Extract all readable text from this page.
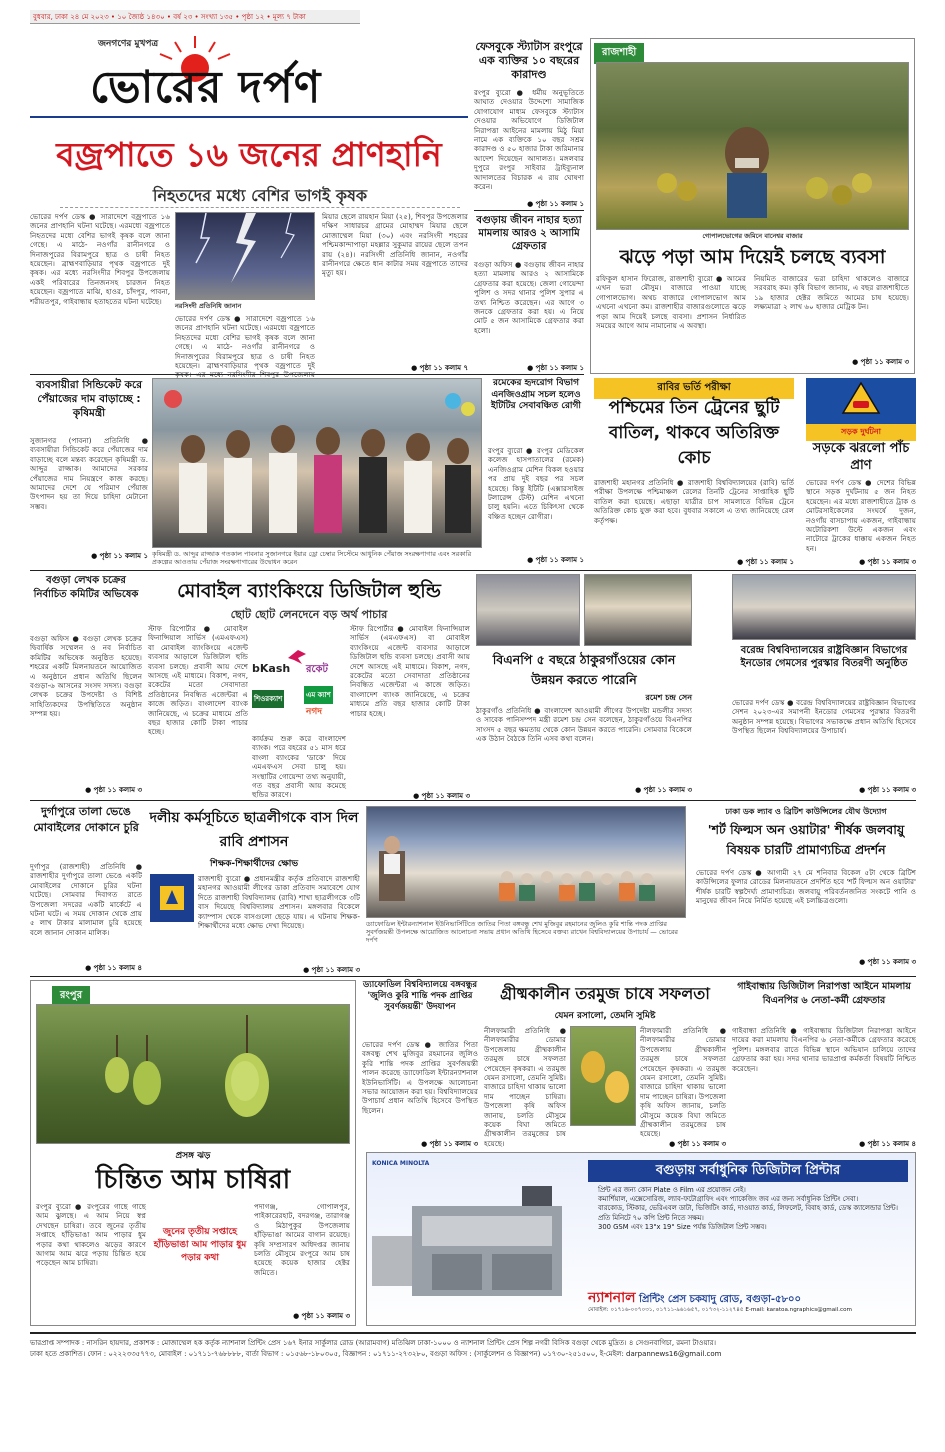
বুধবার, ঢাকা ২৪ মে ২০২৩ • ১০ জ্যৈষ্ঠ ১৪৩০ • বর্ষ ২৩ • সংখ্যা ১৩৫ • পৃষ্ঠা ১২ • মূল্য ৭ টাকা
জনগণের মুখপত্র
ভোরের দর্পণ
বজ্রপাতে ১৬ জনের প্রাণহানি
নিহতদের মধ্যে বেশির ভাগই কৃষক
ভোরের দর্পণ ডেস্ক ● সারাদেশে বজ্রপাতে ১৬ জনের প্রাণহানি ঘটনা ঘটেছে। এরমধ্যে বজ্রপাতে নিহতদের মধ্যে বেশির ভাগই কৃষক বলে জানা গেছে। এ মাঠে- নওগাঁর রানীনগরে ও দিনাজপুরের বিরামপুরে ছাত্র ও চাষী নিহত হয়েছেন। ব্রাহ্মণবাড়িয়ার পৃথক বজ্রপাতে দুই কৃষক। এর মধ্যে নরসিংদীর শিবপুর উপজেলায় একই পরিবারের তিনজনসহ চারজন নিহত হয়েছেন। বজ্রপাতে মাঝি, হাওর, চাঁদপুর, পাবনা, শরীয়তপুর, গাইবান্ধায় হতাহতের ঘটনা ঘটেছে।
নরসিংদী প্রতিনিধি জানান
মিয়ার ছেলে রায়হান মিয়া (২৫), শিবপুর উপজেলার দক্ষিণ সাধারচর গ্রামের মোহাম্মদ মিয়ার ছেলে মোজাম্মেল মিয়া (৩০) এবং নরসিংদী শহরের পশ্চিমকান্দাপাড়া মহল্লার সুকুমার রায়ের ছেলে তপন রায় (২৪)। নরসিংদী প্রতিনিধি জানান, নওগাঁর রানীনগরে ক্ষেতে ধান কাটার সময় বজ্রপাতে তাদের মৃত্যু হয়।
ভোরের দর্পণ ডেস্ক ● সারাদেশে বজ্রপাতে ১৬ জনের প্রাণহানি ঘটনা ঘটেছে। এরমধ্যে বজ্রপাতে নিহতদের মধ্যে বেশির ভাগই কৃষক বলে জানা গেছে। এ মাঠে- নওগাঁর রানীনগরে ও দিনাজপুরের বিরামপুরে ছাত্র ও চাষী নিহত হয়েছেন। ব্রাহ্মণবাড়িয়ার পৃথক বজ্রপাতে দুই	● পৃষ্ঠা ১১ কলাম ৭
ফেসবুকে স্ট্যাটাস রংপুরে এক ব্যক্তির ১০ বছরের কারাদণ্ড
রংপুর ব্যুরো ● ধর্মীয় অনুভূতিতে আঘাত দেওয়ার উদ্দেশ্যে সামাজিক যোগাযোগ মাধ্যম ফেসবুকে স্ট্যাটাস দেওয়ার অভিযোগে ডিজিটাল নিরাপত্তা আইনের মামলায় মিঠু মিয়া নামে এক ব্যক্তিকে ১০ বছর সশ্রম কারাদণ্ড ও ৫০ হাজার টাকা জরিমানার আদেশ দিয়েছেন আদালত। মঙ্গলবার দুপুরে রংপুর সাইবার ট্রাইব্যুনাল আদালতের বিচারক এ রায় ঘোষণা করেন।
● পৃষ্ঠা ১১ কলাম ১
বগুড়ায় জীবন নাহার হত্যা মামলায় আরও ২ আসামি গ্রেফতার
বগুড়া অফিস ● বগুড়ায় জীবন নাহার হত্যা মামলায় আরও ২ আসামিকে গ্রেফতার করা হয়েছে। জেলা গোয়েন্দা পুলিশ ও সদর থানার পুলিশ সুপার এ তথ্য নিশ্চিত করেছেন। এর আগে ৩ জনকে গ্রেফতার করা হয়। এ নিয়ে মোট ৫ জন আসামিকে গ্রেফতার করা হলো।
● পৃষ্ঠা ১১ কলাম ১
রাজশাহী
গোপালভোগের জমিনে বানেশ্বর বাজার
ঝড়ে পড়া আম দিয়েই চলছে ব্যবসা
রফিকুল হাসান ফিরোজ, রাজশাহী ব্যুরো ● আমের এখন ভরা মৌসুম। বাজারে পাওয়া যাচ্ছে গোপালভোগ। অথচ বাজারে গোপালভোগ আম এখনো এখনো কম। রাজশাহীর বাজারগুলোতে ঝড়ে পড়া আম দিয়েই চলছে ব্যবসা। প্রশাসন নির্ধারিত সময়ের আগে আম নামানোয় এ অবস্থা।
নিয়মিত বাজারের ভরা চাহিদা থাকলেও বাজারে সরবরাহ কম। কৃষি বিভাগ জানায়, এ বছর রাজশাহীতে ১৯ হাজার হেক্টর জমিতে আমের চাষ হয়েছে। লক্ষ্যমাত্রা ২ লাখ ৬০ হাজার মেট্রিক টন।
● পৃষ্ঠা ১১ কলাম ৩
ব্যবসায়ীরা সিন্ডিকেট করে পেঁয়াজের দাম বাড়াচ্ছে : কৃষিমন্ত্রী
সুজানগর (পাবনা) প্রতিনিধি ● ব্যবসায়ীরা সিন্ডিকেট করে পেঁয়াজের দাম বাড়াচ্ছে বলে মন্তব্য করেছেন কৃষিমন্ত্রী ড. আব্দুর রাজ্জাক। আমাদের সরকার পেঁয়াজের দাম নিয়ন্ত্রণে কাজ করছে। আমাদের দেশে যে পরিমাণ পেঁয়াজ উৎপাদন হয় তা দিয়ে চাহিদা মেটানো সম্ভব।
● পৃষ্ঠা ১১ কলাম ১ কৃষিমন্ত্রী ড. আব্দুর রাজ্জাক গতকাল পাবনার সুজানগরে ইয়ার ড্রো চেম্বার সিস্টেমে আধুনিক পেঁয়াজ সংরক্ষণাগার এবং সরকারি প্রকল্পের আওতায় পেঁয়াজ সংরক্ষণাগারের উদ্বোধন করেন
রমেকের হৃদরোগ বিভাগ এনজিওগ্রাম সচল হলেও ইটিটির সেবাবঞ্চিত রোগী
রংপুর ব্যুরো ● রংপুর মেডিকেল কলেজ হাসপাতালের (রমেক) এনজিওগ্রাম মেশিন বিকল হওয়ার পর প্রায় দুই বছর পর সচল হয়েছে। কিন্তু ইটিটি (এক্সারসাইজ টলারেন্স টেস্ট) মেশিন এখনো চালু হয়নি। এতে চিকিৎসা থেকে বঞ্চিত হচ্ছেন রোগীরা।
● পৃষ্ঠা ১১ কলাম ১
রাবির ভর্তি পরীক্ষা
পশ্চিমের তিন ট্রেনের ছুটি বাতিল, থাকবে অতিরিক্ত কোচ
রাজশাহী মহানগর প্রতিনিধি ● রাজশাহী বিশ্ববিদ্যালয়ের (রাবি) ভর্তি পরীক্ষা উপলক্ষে পশ্চিমাঞ্চল রেলের তিনটি ট্রেনের সাপ্তাহিক ছুটি বাতিল করা হয়েছে। এছাড়া যাত্রীর চাপ সামলাতে বিভিন্ন ট্রেনে অতিরিক্ত কোচ যুক্ত করা হবে। বুধবার সকালে এ তথ্য জানিয়েছে রেল কর্তৃপক্ষ।
● পৃষ্ঠা ১১ কলাম ১
সড়ক দুর্ঘটনা
সড়কে ঝরলো পাঁচ প্রাণ
ভোরের দর্পণ ডেস্ক ● দেশের বিভিন্ন স্থানে সড়ক দুর্ঘটনায় ৫ জন নিহত হয়েছেন। এর মধ্যে রাজশাহীতে ট্রাক ও মোটরসাইকেলের সংঘর্ষে দুজন, নওগাঁয় বাসচাপায় একজন, গাইবান্ধায় অটোরিকশা উল্টে একজন এবং নাটোরে ট্রাকের ধাক্কায় একজন নিহত হন।
● পৃষ্ঠা ১১ কলাম ৩
বগুড়া লেখক চক্রের নির্বাচিত কমিটির অভিষেক
বগুড়া অফিস ● বগুড়া লেখক চক্রের দ্বিবার্ষিক সম্মেলন ও নব নির্বাচিত কমিটির অভিষেক অনুষ্ঠিত হয়েছে। শহরের একটি মিলনায়তনে আয়োজিত এ অনুষ্ঠানে প্রধান অতিথি ছিলেন বগুড়া-৬ আসনের সংসদ সদস্য। বগুড়া লেখক চক্রের উপদেষ্টা ও বিশিষ্ট সাহিত্যিকদের উপস্থিতিতে অনুষ্ঠান সম্পন্ন হয়।
● পৃষ্ঠা ১১ কলাম ৩
মোবাইল ব্যাংকিংয়ে ডিজিটাল হুন্ডি
ছোট ছোট লেনদেনে বড় অর্থ পাচার
স্টাফ রিপোর্টার ● মোবাইল ফিনান্সিয়াল সার্ভিস (এমএফএস) বা মোবাইল ব্যাংকিংয়ে এজেন্ট ব্যবসার আড়ালে ডিজিটাল হুন্ডি ব্যবসা চলছে। প্রবাসী আয় দেশে আসছে এই মাধ্যমে। বিকাশ, নগদ, রকেটের মতো সেবাদাতা প্রতিষ্ঠানের নিবন্ধিত এজেন্টরা এ কাজে জড়িত। বাংলাদেশ ব্যাংক জানিয়েছে, এ চক্রের মাধ্যমে প্রতি বছর হাজার কোটি টাকা পাচার হচ্ছে।
bKash রকেট
নগদ
শিওরক্যাশ	এম ক্যাশ
কার্যক্রম শুরু করে বাংলাদেশ ব্যাংক। পরে বহরের ৫১ মাস ধরে বাংলা ব্যাংকের 'ডাকে' দিয়ে এমএফএস সেবা চালু হয়। সংস্থাটির গোয়েন্দা তথ্য অনুযায়ী, গত বছর প্রবাসী আয় কমেছে হুন্ডির কারণে।
স্টাফ রিপোর্টার ● মোবাইল ফিনান্সিয়াল সার্ভিস (এমএফএস) বা মোবাইল ব্যাংকিংয়ে এজেন্ট ব্যবসার আড়ালে ডিজিটাল হুন্ডি ব্যবসা চলছে। প্রবাসী আয় দেশে আসছে এই মাধ্যমে। বিকাশ, নগদ, রকেটের মতো সেবাদাতা প্রতিষ্ঠানের নিবন্ধিত এজেন্টরা এ কাজে জড়িত। বাংলাদেশ ব্যাংক জানিয়েছে, এ চক্রের মাধ্যমে প্রতি বছর হাজার কোটি টাকা পাচার হচ্ছে।
● পৃষ্ঠা ১১ কলাম ৩
বিএনপি ৫ বছরে ঠাকুরগাঁওয়ের কোন উন্নয়ন করতে পারেনি
রমেশ চন্দ্র সেন
ঠাকুরগাঁও প্রতিনিধি ● বাংলাদেশ আওয়ামী লীগের উপদেষ্টা মন্ডলীর সদস্য ও সাবেক পানিসম্পদ মন্ত্রী রমেশ চন্দ্র সেন বলেছেন, ঠাকুরগাঁওয়ে বিএনপির সাংসদ ৫ বছর ক্ষমতায় থেকে কোন উন্নয়ন করতে পারেনি। সোমবার বিকেলে এক উঠান বৈঠকে তিনি এসব কথা বলেন।
● পৃষ্ঠা ১১ কলাম ৩
বরেন্দ্র বিশ্ববিদ্যালয়ের রাষ্ট্রবিজ্ঞান বিভাগের ইনডোর গেমসের পুরস্কার বিতরণী অনুষ্ঠিত
ভোরের দর্পণ ডেস্ক ● বরেন্দ্র বিশ্ববিদ্যালয়ের রাষ্ট্রবিজ্ঞান বিভাগের সেশন ২০২৩-এর সমাপনী ইনডোর গেমসের পুরস্কার বিতরণী অনুষ্ঠান সম্পন্ন হয়েছে। বিভাগের সভাকক্ষে প্রধান অতিথি হিসেবে উপস্থিত ছিলেন বিশ্ববিদ্যালয়ের উপাচার্য।
● পৃষ্ঠা ১১ কলাম ৩
দুর্গাপুরে তালা ভেঙে মোবাইলের দোকানে চুরি
দুর্গাপুর (রাজশাহী) প্রতিনিধি ● রাজশাহীর দুর্গাপুরে তালা ভেঙে একটি মোবাইলের দোকানে চুরির ঘটনা ঘটেছে। সোমবার দিবাগত রাতে উপজেলা সদরের একটি মার্কেটে এ ঘটনা ঘটে। এ সময় দোকান থেকে প্রায় ৫ লাখ টাকার মালামাল চুরি হয়েছে বলে জানান দোকান মালিক।
● পৃষ্ঠা ১১ কলাম ৪
দলীয় কর্মসূচিতে ছাত্রলীগকে বাস দিল রাবি প্রশাসন
শিক্ষক-শিক্ষার্থীদের ক্ষোভ
রাজশাহী ব্যুরো ● প্রধানমন্ত্রীর কর্তৃক প্রতিবাদে রাজশাহী মহানগর আওয়ামী লীগের ডাকা প্রতিবাদ সমাবেশে যোগ দিতে রাজশাহী বিশ্ববিদ্যালয় (রাবি) শাখা ছাত্রলীগকে ৩টি বাস দিয়েছে বিশ্ববিদ্যালয় প্রশাসন। মঙ্গলবার বিকেলে ক্যাম্পাস থেকে বাসগুলো ছেড়ে যায়। এ ঘটনায় শিক্ষক-শিক্ষার্থীদের মধ্যে ক্ষোভ দেখা দিয়েছে।
● পৃষ্ঠা ১১ কলাম ৩
ড্যাফোডিল ইন্টারন্যাশনাল ইউনিভার্সিটিতে জাতির পিতা বঙ্গবন্ধু শেখ মুজিবুর রহমানের জুলিও কুরি শান্তি পদক প্রাপ্তির সুবর্ণজয়ন্তী উপলক্ষে আয়োজিত আলোচনা সভায় প্রধান অতিথি হিসেবে বক্তব্য রাখেন বিশ্ববিদ্যালয়ের উপাচার্য — ভোরের দর্পণ
ঢাকা ডক ল্যাব ও ব্রিটিশ কাউন্সিলের যৌথ উদ্যোগ
'শর্ট ফিল্মস অন ওয়াটার' শীর্ষক জলবায়ু বিষয়ক চারটি প্রামাণ্যচিত্র প্রদর্শন
ভোরের দর্পণ ডেস্ক ● আগামী ২৭ মে শনিবার বিকেল ৫টা থেকে ব্রিটিশ কাউন্সিলের ফুলার রোডের মিলনায়তনে প্রদর্শিত হবে 'শর্ট ফিল্মস অন ওয়াটার' শীর্ষক চারটি স্বল্পদৈর্ঘ্য প্রামাণ্যচিত্র। জলবায়ু পরিবর্তনজনিত সংকটে পানি ও মানুষের জীবন নিয়ে নির্মিত হয়েছে এই চলচ্চিত্রগুলো।
● পৃষ্ঠা ১১ কলাম ৩
রংপুর
প্রসঙ্গ ঝড়
চিন্তিত আম চাষিরা
রংপুর ব্যুরো ● রংপুরের গাছে গাছে আম ঝুলছে। এ আম নিয়ে স্বপ্ন দেখছেন চাষিরা। তবে জুনের তৃতীয় সপ্তাহে হাঁড়িভাঙা আম পাড়ার ধুম পড়ার কথা থাকলেও ঝড়ের কারণে আগাম আম ঝরে পড়ায় চিন্তিত হয়ে পড়েছেন আম চাষিরা।
জুনের তৃতীয় সপ্তাহে হাঁড়িভাঙা আম পাড়ার ধুম পড়ার কথা
পদাগঞ্জ, গোপালপুর, পাইকারেরহাট, বদরগঞ্জ, তারাগঞ্জ ও মিঠাপুকুর উপজেলায় হাঁড়িভাঙা আমের বাগান রয়েছে। কৃষি সম্প্রসারণ অধিদপ্তর জানায় চলতি মৌসুমে রংপুরে আম চাষ হয়েছে কয়েক হাজার হেক্টর জমিতে।
● পৃষ্ঠা ১১ কলাম ৩
ড্যাফোডিল বিশ্ববিদ্যালয়ে বঙ্গবন্ধুর 'জুলিও কুরি শান্তি পদক প্রাপ্তির সুবর্ণজয়ন্তী' উদযাপন
ভোরের দর্পণ ডেস্ক ● জাতির পিতা বঙ্গবন্ধু শেখ মুজিবুর রহমানের জুলিও কুরি শান্তি পদক প্রাপ্তির সুবর্ণজয়ন্তী পালন করেছে ড্যাফোডিল ইন্টারন্যাশনাল ইউনিভার্সিটি। এ উপলক্ষে আলোচনা সভার আয়োজন করা হয়। বিশ্ববিদ্যালয়ের উপাচার্য প্রধান অতিথি হিসেবে উপস্থিত ছিলেন।
● পৃষ্ঠা ১১ কলাম ৩
গ্রীষ্মকালীন তরমুজ চাষে সফলতা
যেমন রসালো, তেমনি সুমিষ্ট
নীলফামারী প্রতিনিধি ● নীলফামারীর ডোমার উপজেলায় গ্রীষ্মকালীন তরমুজ চাষে সফলতা পেয়েছেন কৃষকরা। এ তরমুজ যেমন রসালো, তেমনি সুমিষ্ট। বাজারে চাহিদা থাকায় ভালো দাম পাচ্ছেন চাষিরা। উপজেলা কৃষি অফিস জানায়, চলতি মৌসুমে কয়েক বিঘা জমিতে গ্রীষ্মকালীন তরমুজের চাষ হয়েছে।
নীলফামারী প্রতিনিধি ● নীলফামারীর ডোমার উপজেলায় গ্রীষ্মকালীন তরমুজ চাষে সফলতা পেয়েছেন কৃষকরা। এ তরমুজ যেমন রসালো, তেমনি সুমিষ্ট। বাজারে চাহিদা থাকায় ভালো দাম পাচ্ছেন চাষিরা। উপজেলা কৃষি অফিস জানায়, চলতি মৌসুমে কয়েক বিঘা জমিতে গ্রীষ্মকালীন তরমুজের চাষ হয়েছে।
● পৃষ্ঠা ১১ কলাম ৩
গাইবান্ধায় ডিজিটাল নিরাপত্তা আইনে মামলায় বিএনপির ৬ নেতা-কর্মী গ্রেফতার
গাইবান্ধা প্রতিনিধি ● গাইবান্ধায় ডিজিটাল নিরাপত্তা আইনে দায়ের করা মামলায় বিএনপির ৬ নেতা-কর্মীকে গ্রেফতার করেছে পুলিশ। মঙ্গলবার রাতে বিভিন্ন স্থানে অভিযান চালিয়ে তাদের গ্রেফতার করা হয়। সদর থানার ভারপ্রাপ্ত কর্মকর্তা বিষয়টি নিশ্চিত করেছেন।
● পৃষ্ঠা ১১ কলাম ৪
KONICA MINOLTA	বগুড়ায় সর্বাধুনিক ডিজিটাল প্রিন্টার
প্রিন্ট এর জন্য কোন Plate ও Film এর প্রয়োজন নেই।
কমার্শিয়াল, এক্সেসোরিজ, ল্যাব-ফটোগ্রাফিং এবং প্যাকেজিং জব এর জন্য সর্বাধুনিক প্রিন্টিং সেবা।
বারকোড, স্টিকার, ভেরিএবল ডাটা, ভিজিটিং কার্ড, দাওয়াত কার্ড, লিফলেট, বিবাহ কার্ড, ডেস্ক ক্যালেন্ডার প্রিন্ট।
প্রতি মিনিটে ৭০ কপি প্রিন্ট নিতে সক্ষম।
300 GSM এবং 13"x 19" Size পর্যন্ত ডিজিটাল প্রিন্ট সম্ভব।
ন্যাশনাল প্রিন্টিং প্রেস চকযাদু রোড, বগুড়া-৫৮০০
মোবাইল: ০১৭১৬-০০৭০৩১, ০১৭১১-৯৬১৬৫৭, ০১৭৩২-১১২৭৪৫ E-mail: karatoa.ngraphics@gmail.com
ভারপ্রাপ্ত সম্পাদক : নাসরিন হায়দার, প্রকাশক : মোজাম্মেল হক কর্তৃক ন্যাশনাল প্রিন্টিং প্রেস ১৬৭ ইনার সার্কুলার রোড (আরামবাগ) মতিঝিল ঢাকা-১০০০ ও ন্যাশনাল প্রিন্টিং প্রেস শিল্প নগরী বিসিক বগুড়া থেকে মুদ্রিত। ৪ সেগুনবাগিচা, রমনা টাওয়ার।
ঢাকা হতে প্রকাশিত। ফোন : ০২২২৩৩৫৭৭৩, মোবাইল : ০১৭১১-৭৬৮৮৮৮, বার্তা বিভাগ : ০১৫৬৮-১৮০৩০৫, বিজ্ঞাপন : ০১৭১১-২৭৩২৮০, বগুড়া অফিস : (সার্কুলেশন ও বিজ্ঞাপন) ০১৭৩০-২৫১৫০০, ই-মেইল: darpannews16@gmail.com
